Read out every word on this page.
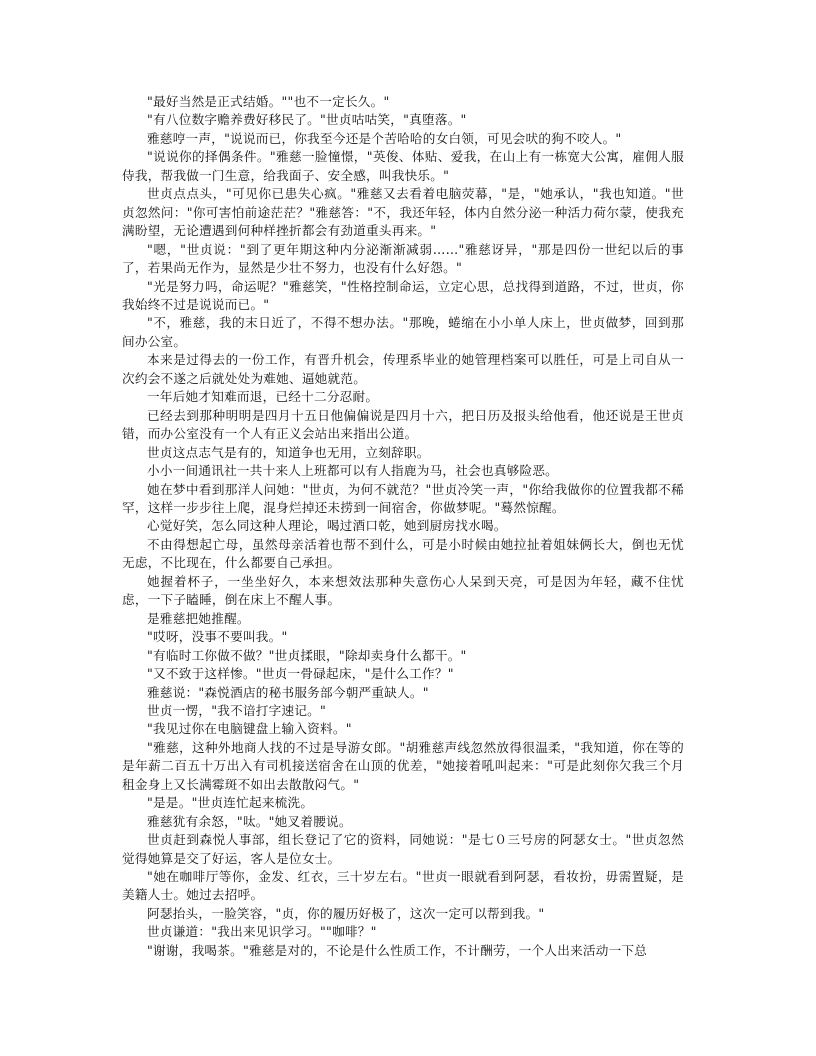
"最好当然是正式结婚。""也不一定长久。"

"有八位数字赡养费好移民了。"世贞咕咕笑，"真堕落。"

雅慈哼一声，"说说而已，你我至今还是个苦哈哈的女白领，可见会吠的狗不咬人。"

"说说你的择偶条件。"雅慈一脸憧憬，"英俊、体贴、爱我，在山上有一栋宽大公寓，雇佣人服侍我，帮我做一门生意，给我面子、安全感，叫我快乐。"

世贞点点头，"可见你已患失心疯。"雅慈又去看着电脑荧幕，"是，"她承认，"我也知道。"世贞忽然问："你可害怕前途茫茫？"雅慈答："不，我还年轻，体内自然分泌一种活力荷尔蒙，使我充满盼望，无论遭遇到何种样挫折都会有劲道重头再来。"

"嗯，"世贞说："到了更年期这种内分泌渐渐减弱……"雅慈讶异，"那是四份一世纪以后的事了，若果尚无作为，显然是少壮不努力，也没有什么好怨。"

"光是努力吗，命运呢？"雅慈笑，"性格控制命运，立定心思，总找得到道路，不过，世贞，你我始终不过是说说而已。"

"不，雅慈，我的末日近了，不得不想办法。"那晚，蜷缩在小小单人床上，世贞做梦，回到那间办公室。

本来是过得去的一份工作，有晋升机会，传理系毕业的她管理档案可以胜任，可是上司自从一次约会不遂之后就处处为难她、逼她就范。

一年后她才知难而退，已经十二分忍耐。

已经去到那种明明是四月十五日他偏偏说是四月十六，把日历及报头给他看，他还说是王世贞错，而办公室没有一个人有正义会站出来指出公道。

世贞这点志气是有的，知道争也无用，立刻辞职。

小小一间通讯社一共十来人上班都可以有人指鹿为马，社会也真够险恶。

她在梦中看到那洋人问她："世贞，为何不就范？"世贞冷笑一声，"你给我做你的位置我都不稀罕，这样一步步往上爬，混身烂掉还未捞到一间宿舍，你做梦呢。"蓦然惊醒。

心觉好笑，怎么同这种人理论，喝过酒口乾，她到厨房找水喝。

不由得想起亡母，虽然母亲活着也帮不到什么，可是小时候由她拉扯着姐妹俩长大，倒也无忧无虑，不比现在，什么都要自己承担。

她握着杯子，一坐坐好久，本来想效法那种失意伤心人呆到天亮，可是因为年轻，藏不住忧虑，一下子瞌睡，倒在床上不醒人事。

是雅慈把她推醒。

"哎呀，没事不要叫我。"

"有临时工你做不做？"世贞揉眼，"除却卖身什么都干。"

"又不致于这样惨。"世贞一骨碌起床，"是什么工作？"

雅慈说："森悦酒店的秘书服务部今朝严重缺人。"

世贞一愣，"我不谙打字速记。"

"我见过你在电脑键盘上输入资料。"

"雅慈，这种外地商人找的不过是导游女郎。"胡雅慈声线忽然放得很温柔，"我知道，你在等的是年薪二百五十万出入有司机接送宿舍在山顶的优差，"她接着吼叫起来："可是此刻你欠我三个月租金身上又长满霉斑不如出去散散闷气。"

"是是。"世贞连忙起来梳洗。

雅慈犹有余怒，"呔。"她叉着腰说。

世贞赶到森悦人事部，组长登记了它的资料，同她说："是七０三号房的阿瑟女士。"世贞忽然觉得她算是交了好运，客人是位女士。

"她在咖啡厅等你，金发、红衣，三十岁左右。"世贞一眼就看到阿瑟，看妆扮，毋需置疑，是美籍人士。她过去招呼。

阿瑟抬头，一脸笑容，"贞，你的履历好极了，这次一定可以帮到我。"

世贞谦道："我出来见识学习。""咖啡？"

"谢谢，我喝茶。"雅慈是对的，不论是什么性质工作，不计酬劳，一个人出来活动一下总
